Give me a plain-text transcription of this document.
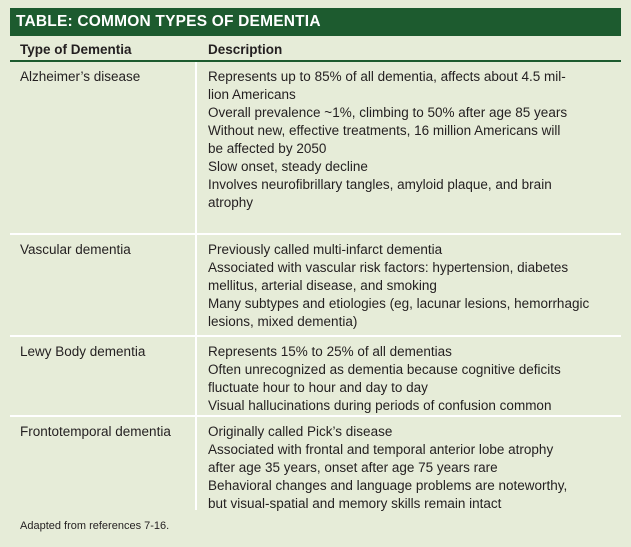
TABLE: COMMON TYPES OF DEMENTIA
Type of Dementia	Description
Alzheimer’s disease	Represents up to 85% of all dementia, affects about 4.5 mil-
lion Americans
Overall prevalence ~1%, climbing to 50% after age 85 years
Without new, effective treatments, 16 million Americans will
be affected by 2050
Slow onset, steady decline
Involves neurofibrillary tangles, amyloid plaque, and brain
atrophy
Vascular dementia	Previously called multi-infarct dementia
Associated with vascular risk factors: hypertension, diabetes
mellitus, arterial disease, and smoking
Many subtypes and etiologies (eg, lacunar lesions, hemorrhagic
lesions, mixed dementia)
Lewy Body dementia	Represents 15% to 25% of all dementias
Often unrecognized as dementia because cognitive deficits
fluctuate hour to hour and day to day
Visual hallucinations during periods of confusion common
Frontotemporal dementia	Originally called Pick’s disease
Associated with frontal and temporal anterior lobe atrophy
after age 35 years, onset after age 75 years rare
Behavioral changes and language problems are noteworthy,
but visual-spatial and memory skills remain intact
Adapted from references 7-16.
